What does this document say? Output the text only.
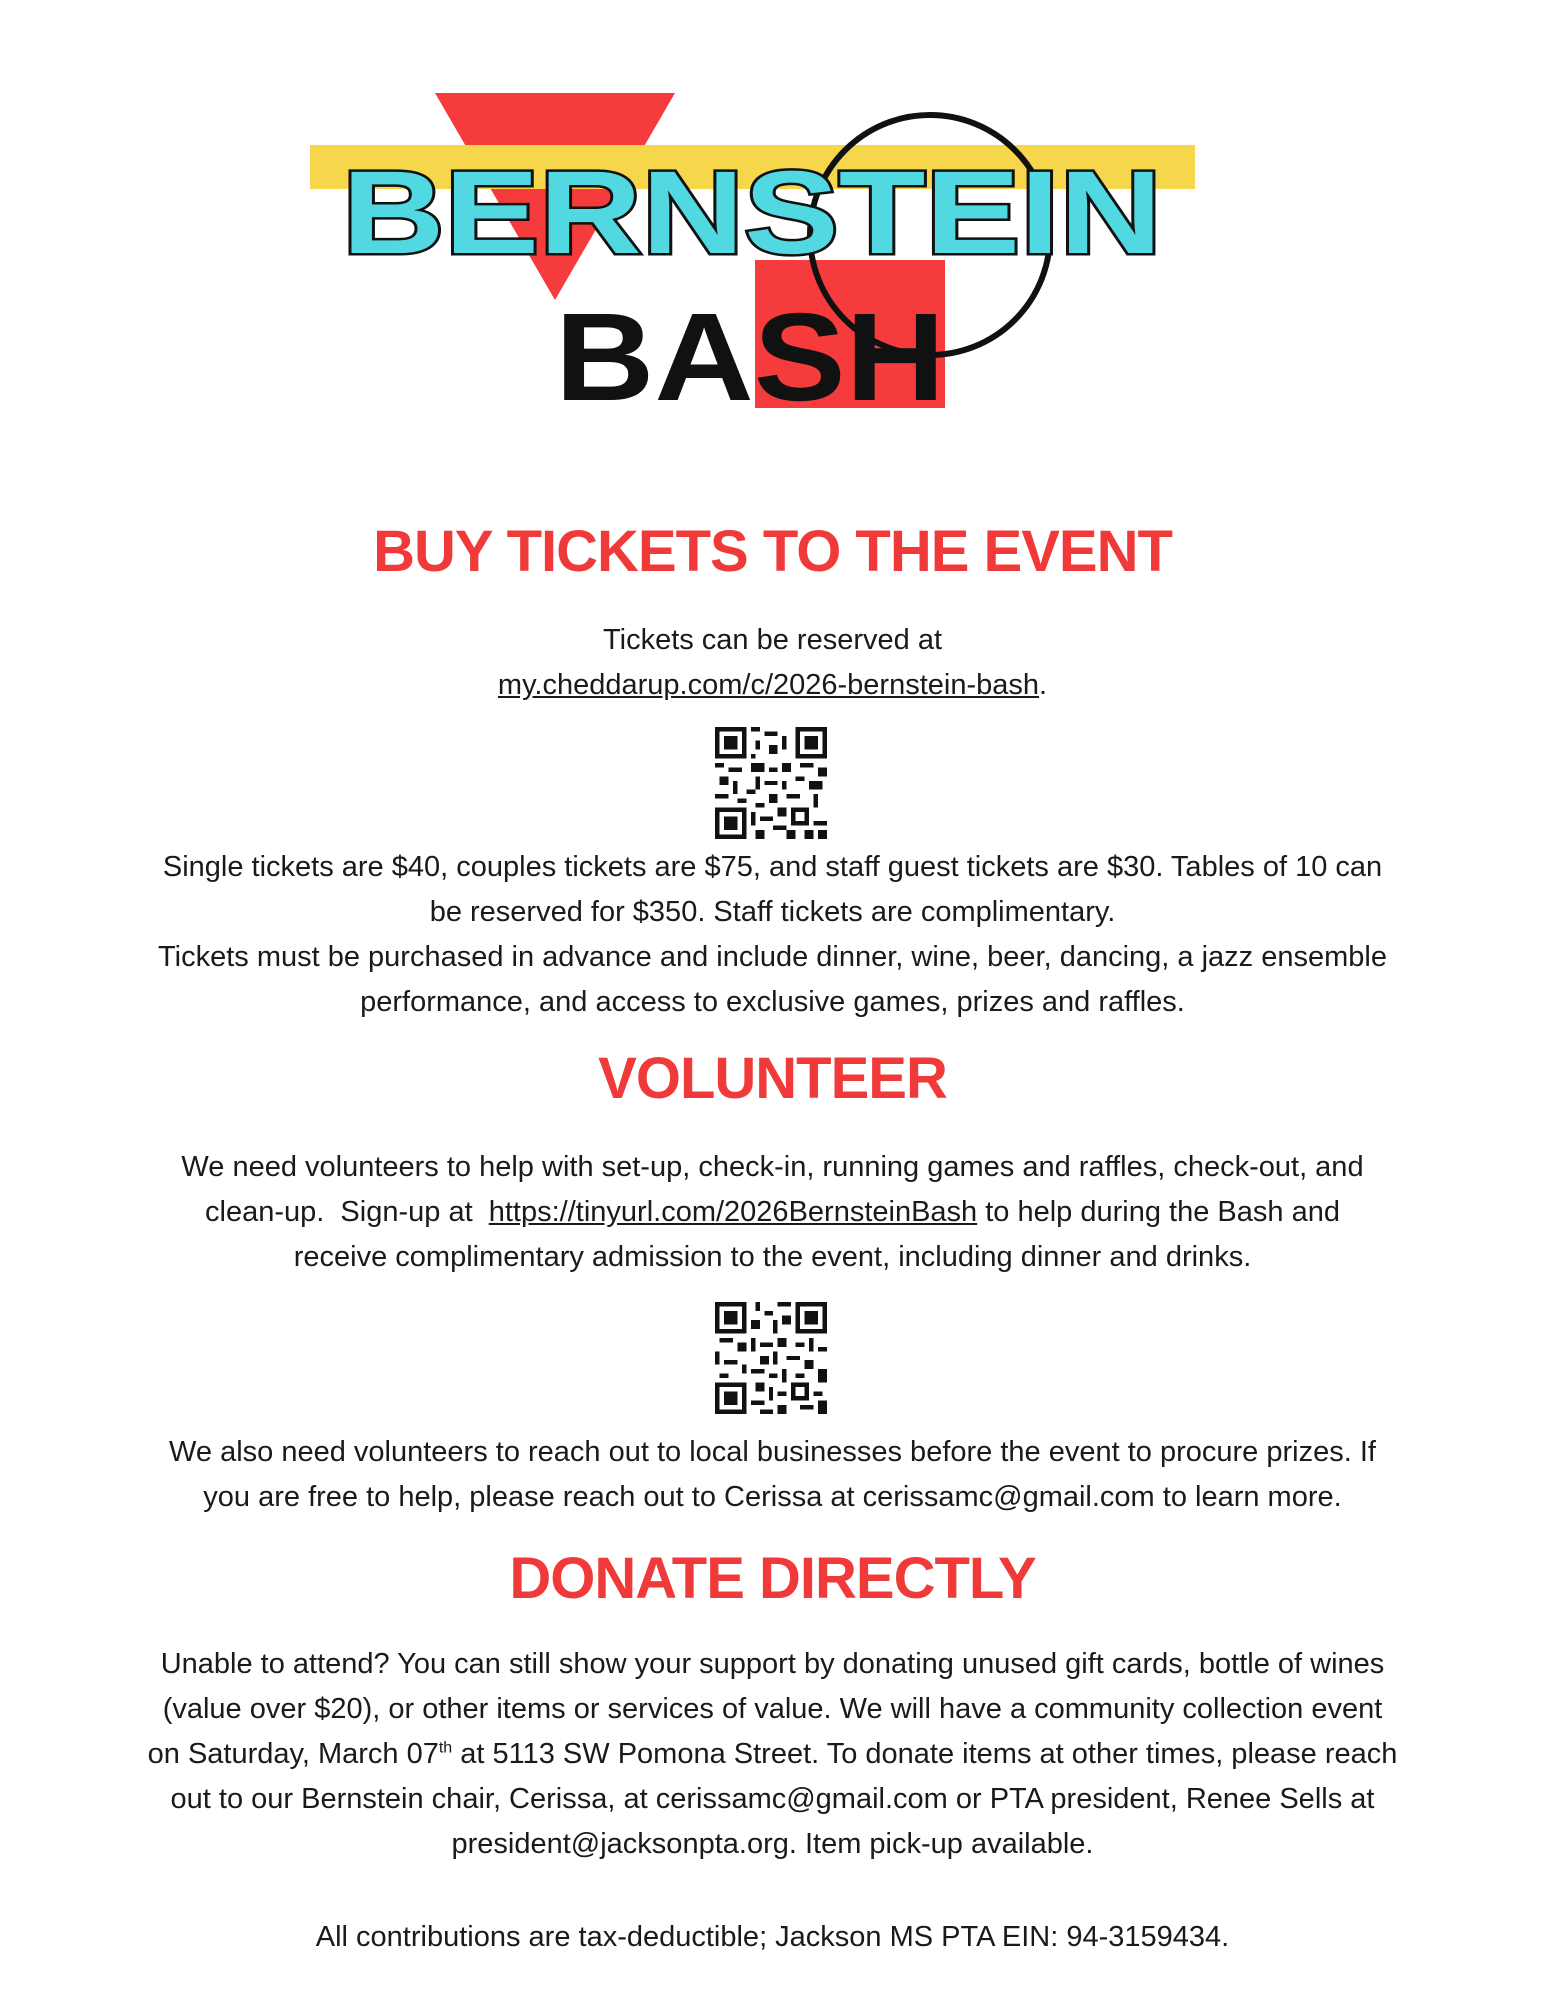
BERNSTEIN
BASH
BUY TICKETS TO THE EVENT

Tickets can be reserved at

my.cheddarup.com/c/2026-bernstein-bash.

Single tickets are $40, couples tickets are $75, and staff guest tickets are $30. Tables of 10 can

be reserved for $350. Staff tickets are complimentary.

Tickets must be purchased in advance and include dinner, wine, beer, dancing, a jazz ensemble

performance, and access to exclusive games, prizes and raffles.

VOLUNTEER

We need volunteers to help with set-up, check-in, running games and raffles, check-out, and

clean-up.  Sign-up at  https://tinyurl.com/2026BernsteinBash to help during the Bash and

receive complimentary admission to the event, including dinner and drinks.

We also need volunteers to reach out to local businesses before the event to procure prizes. If

you are free to help, please reach out to Cerissa at cerissamc@gmail.com to learn more.

DONATE DIRECTLY

Unable to attend? You can still show your support by donating unused gift cards, bottle of wines

(value over $20), or other items or services of value. We will have a community collection event

on Saturday, March 07th at 5113 SW Pomona Street. To donate items at other times, please reach

out to our Bernstein chair, Cerissa, at cerissamc@gmail.com or PTA president, Renee Sells at

president@jacksonpta.org. Item pick-up available.

All contributions are tax-deductible; Jackson MS PTA EIN: 94-3159434.
